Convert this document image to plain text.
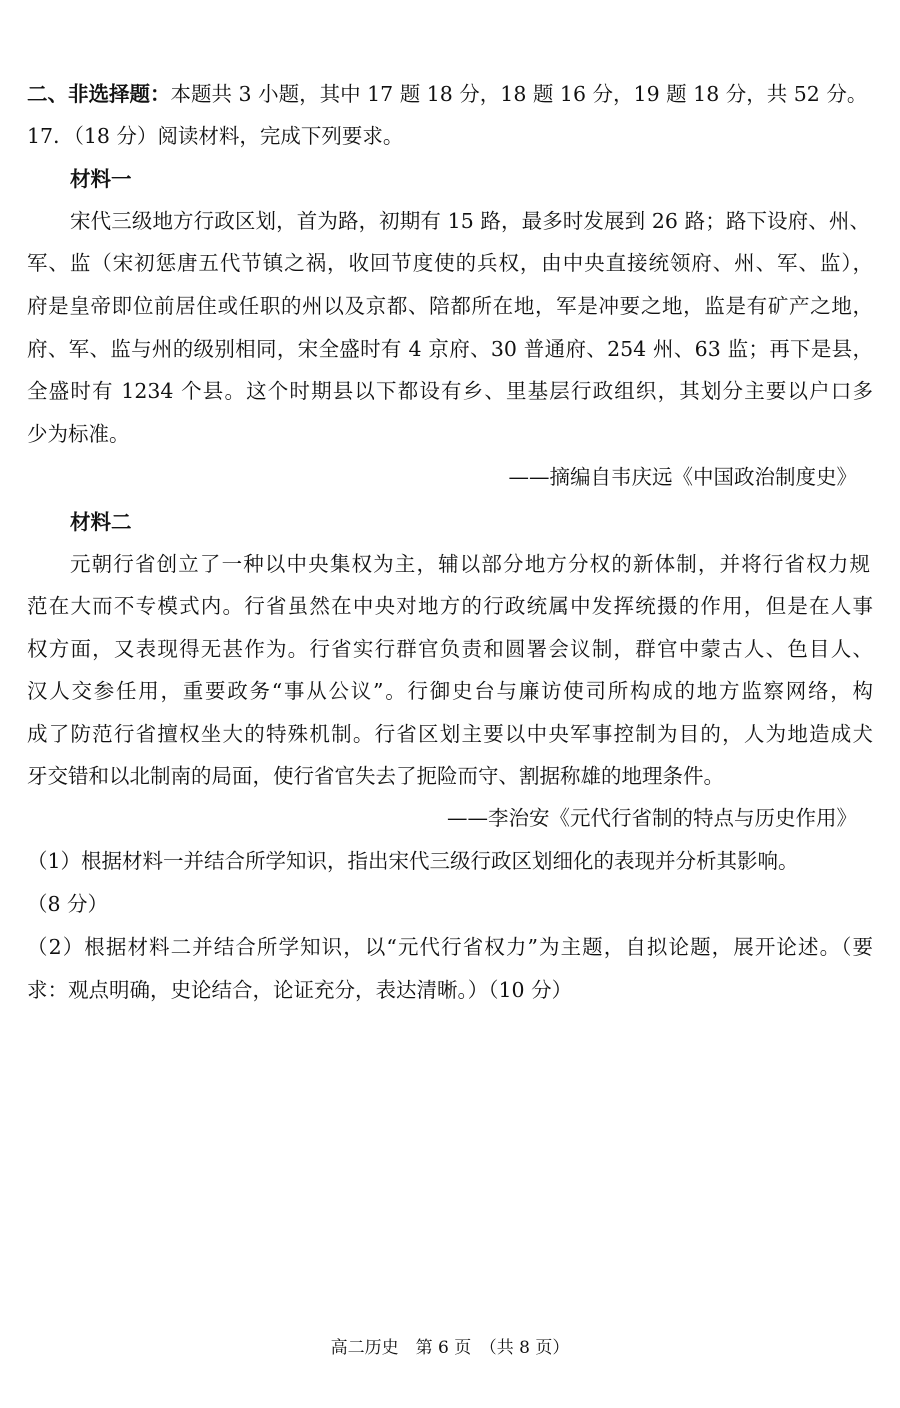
二、非选择题：本题共 3 小题，其中 17 题 18 分，18 题 16 分，19 题 18 分，共 52 分。
17．（18 分）阅读材料，完成下列要求。
材料一
宋代三级地方行政区划，首为路，初期有 15 路，最多时发展到 26 路；路下设府、州、
军、监（宋初惩唐五代节镇之祸，收回节度使的兵权，由中央直接统领府、州、军、监），
府是皇帝即位前居住或任职的州以及京都、陪都所在地，军是冲要之地，监是有矿产之地，
府、军、监与州的级别相同，宋全盛时有 4 京府、30 普通府、254 州、63 监；再下是县，
全盛时有 1234 个县。这个时期县以下都设有乡、里基层行政组织，其划分主要以户口多
少为标准。
——摘编自韦庆远《中国政治制度史》
材料二
元朝行省创立了一种以中央集权为主，辅以部分地方分权的新体制，并将行省权力规
范在大而不专模式内。行省虽然在中央对地方的行政统属中发挥统摄的作用，但是在人事
权方面，又表现得无甚作为。行省实行群官负责和圆署会议制，群官中蒙古人、色目人、
汉人交参任用，重要政务“事从公议”。行御史台与廉访使司所构成的地方监察网络，构
成了防范行省擅权坐大的特殊机制。行省区划主要以中央军事控制为目的，人为地造成犬
牙交错和以北制南的局面，使行省官失去了扼险而守、割据称雄的地理条件。
——李治安《元代行省制的特点与历史作用》
（1）根据材料一并结合所学知识，指出宋代三级行政区划细化的表现并分析其影响。
（8 分）
（2）根据材料二并结合所学知识，以“元代行省权力”为主题，自拟论题，展开论述。（要
求：观点明确，史论结合，论证充分，表达清晰。）（10 分）
高二历史　第 6 页　（共 8 页）
